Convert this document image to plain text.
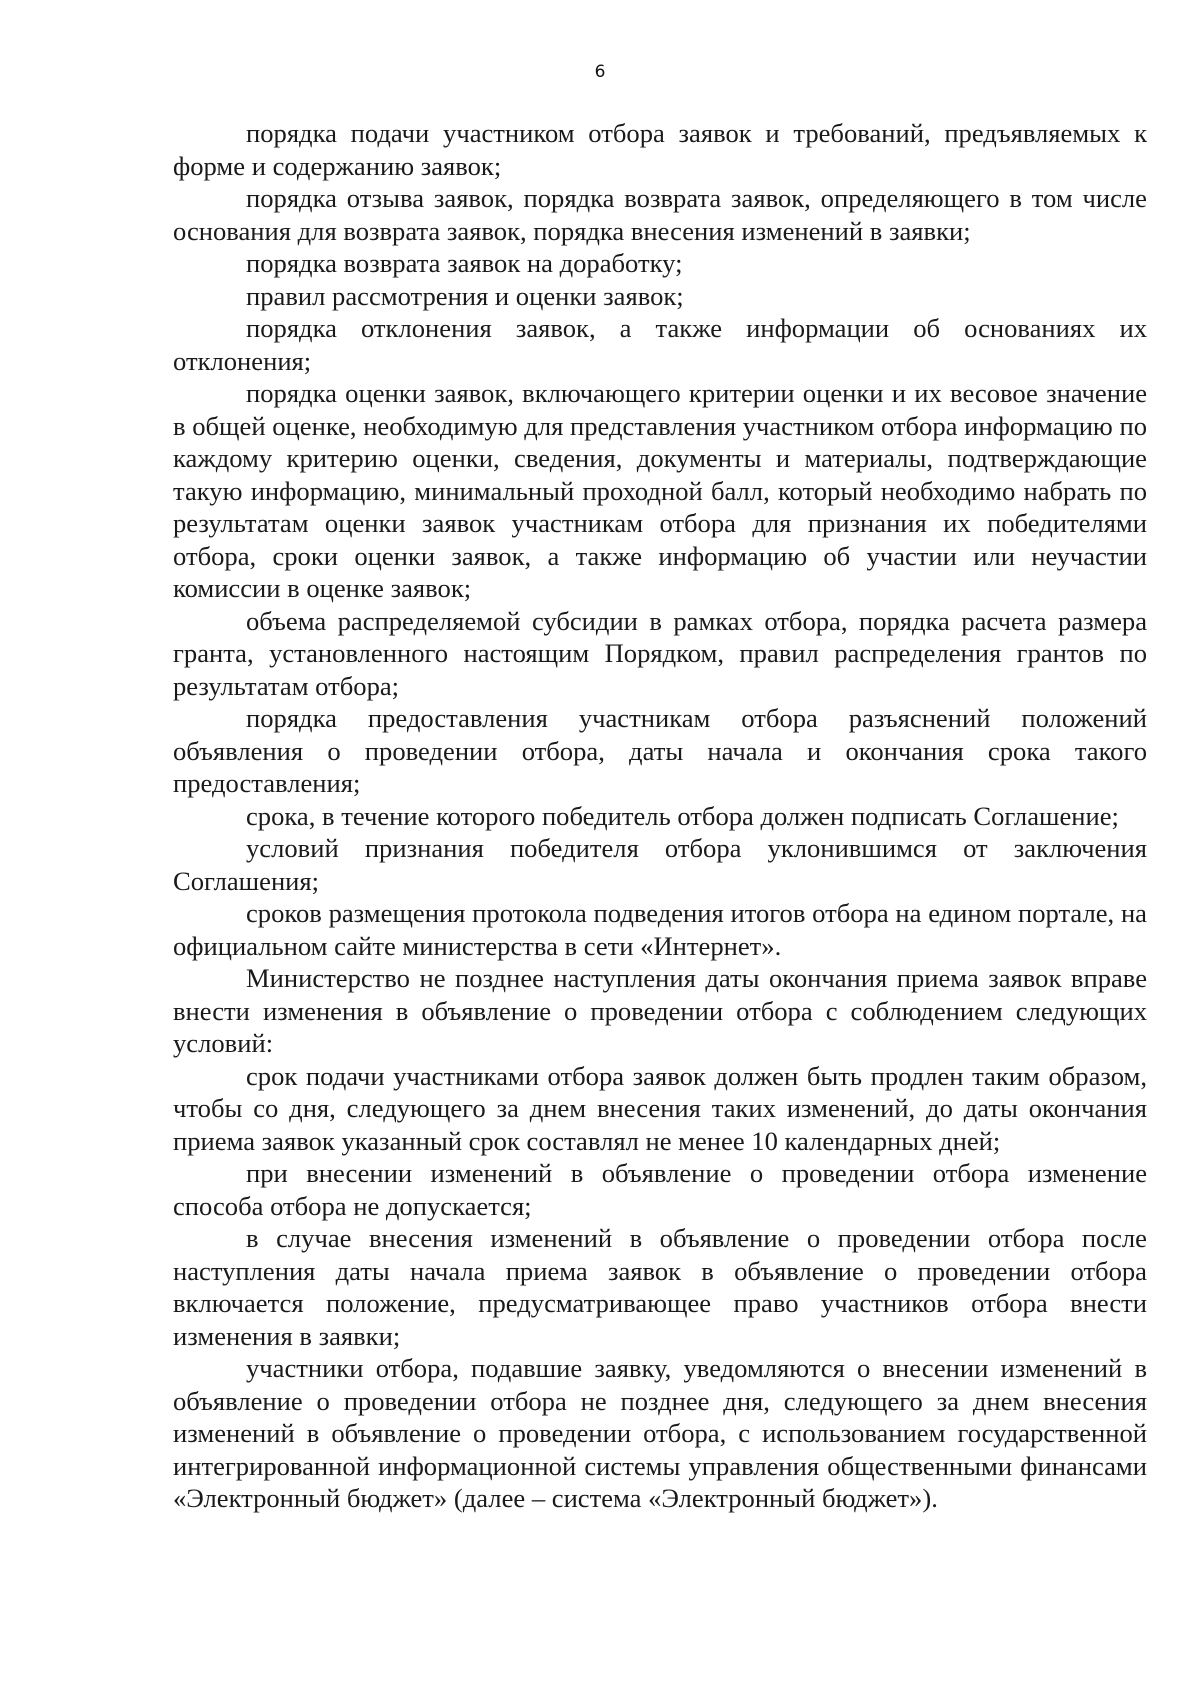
6

порядка подачи участником отбора заявок и требований, предъявляемых к форме и содержанию заявок;

порядка отзыва заявок, порядка возврата заявок, определяющего в том числе основания для возврата заявок, порядка внесения изменений в заявки;

порядка возврата заявок на доработку;

правил рассмотрения и оценки заявок;

порядка отклонения заявок, а также информации об основаниях их отклонения;

порядка оценки заявок, включающего критерии оценки и их весовое значение в общей оценке, необходимую для представления участником отбора информацию по каждому критерию оценки, сведения, документы и материалы, подтверждающие такую информацию, минимальный проходной балл, который необходимо набрать по результатам оценки заявок участникам отбора для признания их победителями отбора, сроки оценки заявок, а также информацию об участии или неучастии комиссии в оценке заявок;

объема распределяемой субсидии в рамках отбора, порядка расчета размера гранта, установленного настоящим Порядком, правил распределения грантов по результатам отбора;

порядка предоставления участникам отбора разъяснений положений объявления о проведении отбора, даты начала и окончания срока такого предоставления;

срока, в течение которого победитель отбора должен подписать Соглашение;

условий признания победителя отбора уклонившимся от заключения Соглашения;

сроков размещения протокола подведения итогов отбора на едином портале, на официальном сайте министерства в сети «Интернет».

Министерство не позднее наступления даты окончания приема заявок вправе внести изменения в объявление о проведении отбора с соблюдением следующих условий:

срок подачи участниками отбора заявок должен быть продлен таким образом, чтобы со дня, следующего за днем внесения таких изменений, до даты окончания приема заявок указанный срок составлял не менее 10 календарных дней;

при внесении изменений в объявление о проведении отбора изменение способа отбора не допускается;

в случае внесения изменений в объявление о проведении отбора после наступления даты начала приема заявок в объявление о проведении отбора включается положение, предусматривающее право участников отбора внести изменения в заявки;

участники отбора, подавшие заявку, уведомляются о внесении изменений в объявление о проведении отбора не позднее дня, следующего за днем внесения изменений в объявление о проведении отбора, с использованием государственной интегрированной информационной системы управления общественными финансами «Электронный бюджет» (далее – система «Электронный бюджет»).
